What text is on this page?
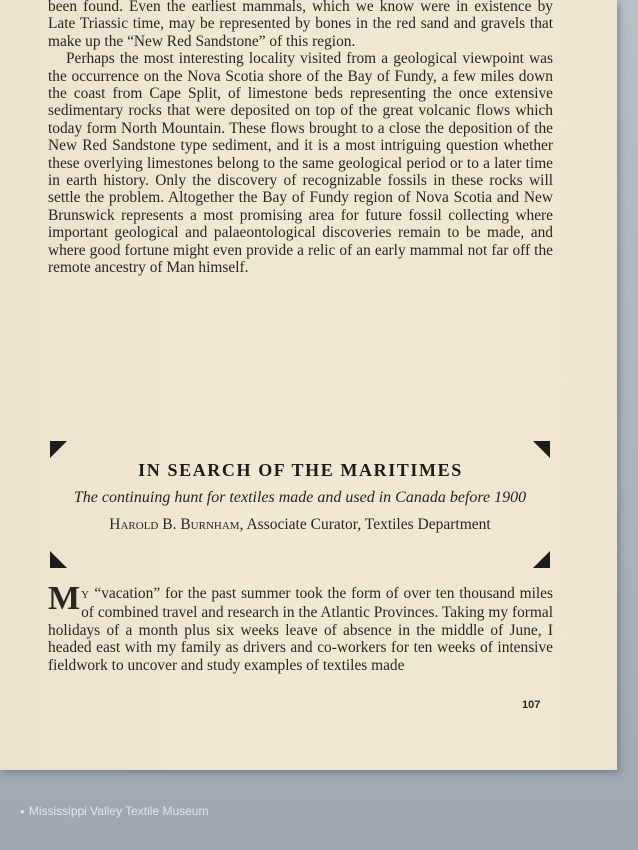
been found. Even the earliest mammals, which we know were in existence by Late Triassic time, may be represented by bones in the red sand and gravels that make up the “New Red Sandstone” of this region.

Perhaps the most interesting locality visited from a geological viewpoint was the occurrence on the Nova Scotia shore of the Bay of Fundy, a few miles down the coast from Cape Split, of limestone beds representing the once extensive sedimentary rocks that were deposited on top of the great volcanic flows which today form North Mountain. These flows brought to a close the deposition of the New Red Sandstone type sediment, and it is a most intriguing question whether these overlying limestones belong to the same geological period or to a later time in earth history. Only the discovery of recognizable fossils in these rocks will settle the problem. Altogether the Bay of Fundy region of Nova Scotia and New Brunswick represents a most promising area for future fossil collecting where important geological and palaeontological discoveries remain to be made, and where good fortune might even provide a relic of an early mammal not far off the remote ancestry of Man himself.

IN SEARCH OF THE MARITIMES
The continuing hunt for textiles made and used in Canada before 1900
Harold B. Burnham, Associate Curator, Textiles Department

M Y “vacation” for the past summer took the form of over ten thousand miles of combined travel and research in the Atlantic Provinces. Taking my formal holidays of a month plus six weeks leave of absence in the middle of June, I headed east with my family as drivers and co-workers for ten weeks of intensive fieldwork to uncover and study examples of textiles made

107
● Mississippi Valley Textile Museum
